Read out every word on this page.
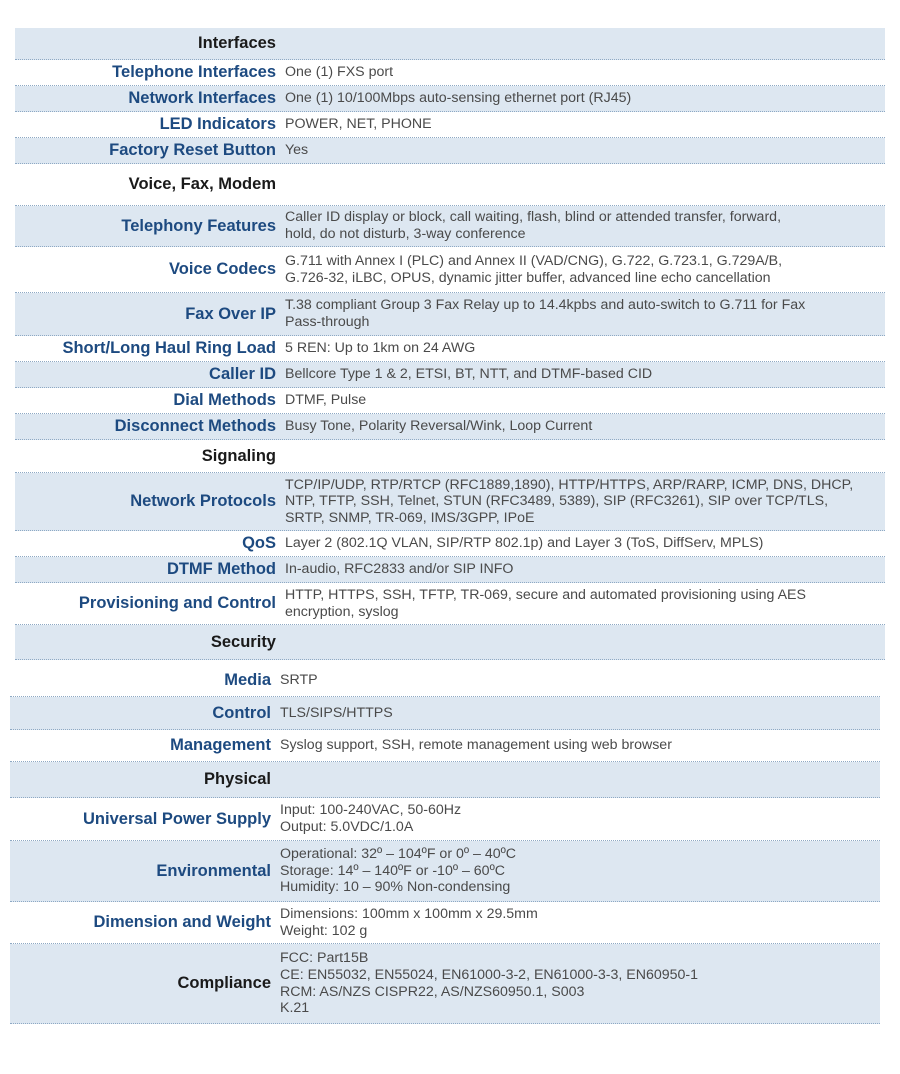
Interfaces
Telephone Interfaces One (1) FXS port
Network Interfaces One (1) 10/100Mbps auto-sensing ethernet port (RJ45)
LED Indicators POWER, NET, PHONE
Factory Reset Button Yes
Voice, Fax, Modem
Telephony Features Caller ID display or block, call waiting, flash, blind or attended transfer, forward,
hold, do not disturb, 3-way conference
Voice Codecs G.711 with Annex I (PLC) and Annex II (VAD/CNG), G.722, G.723.1, G.729A/B,
G.726-32, iLBC, OPUS, dynamic jitter buffer, advanced line echo cancellation
Fax Over IP T.38 compliant Group 3 Fax Relay up to 14.4kpbs and auto-switch to G.711 for Fax
Pass-through
Short/Long Haul Ring Load 5 REN: Up to 1km on 24 AWG
Caller ID Bellcore Type 1 & 2, ETSI, BT, NTT, and DTMF-based CID
Dial Methods DTMF, Pulse
Disconnect Methods Busy Tone, Polarity Reversal/Wink, Loop Current
Signaling
Network Protocols
TCP/IP/UDP, RTP/RTCP (RFC1889,1890), HTTP/HTTPS, ARP/RARP, ICMP, DNS, DHCP,
NTP, TFTP, SSH, Telnet, STUN (RFC3489, 5389), SIP (RFC3261), SIP over TCP/TLS,
SRTP, SNMP, TR-069, IMS/3GPP, IPoE
QoS Layer 2 (802.1Q VLAN, SIP/RTP 802.1p) and Layer 3 (ToS, DiffServ, MPLS)
DTMF Method In-audio, RFC2833 and/or SIP INFO
Provisioning and Control HTTP, HTTPS, SSH, TFTP, TR-069, secure and automated provisioning using AES
encryption, syslog
Security
Media SRTP
Control TLS/SIPS/HTTPS
Management Syslog support, SSH, remote management using web browser
Physical
Universal Power Supply Input: 100-240VAC, 50-60Hz
Output: 5.0VDC/1.0A
Environmental
Operational: 32º – 104ºF or 0º – 40ºC
Storage: 14º – 140ºF or -10º – 60ºC
Humidity: 10 – 90% Non-condensing
Dimension and Weight Dimensions: 100mm x 100mm x 29.5mm
Weight: 102 g
Compliance
FCC: Part15B
CE: EN55032, EN55024, EN61000-3-2, EN61000-3-3, EN60950-1
RCM: AS/NZS CISPR22, AS/NZS60950.1, S003
K.21
